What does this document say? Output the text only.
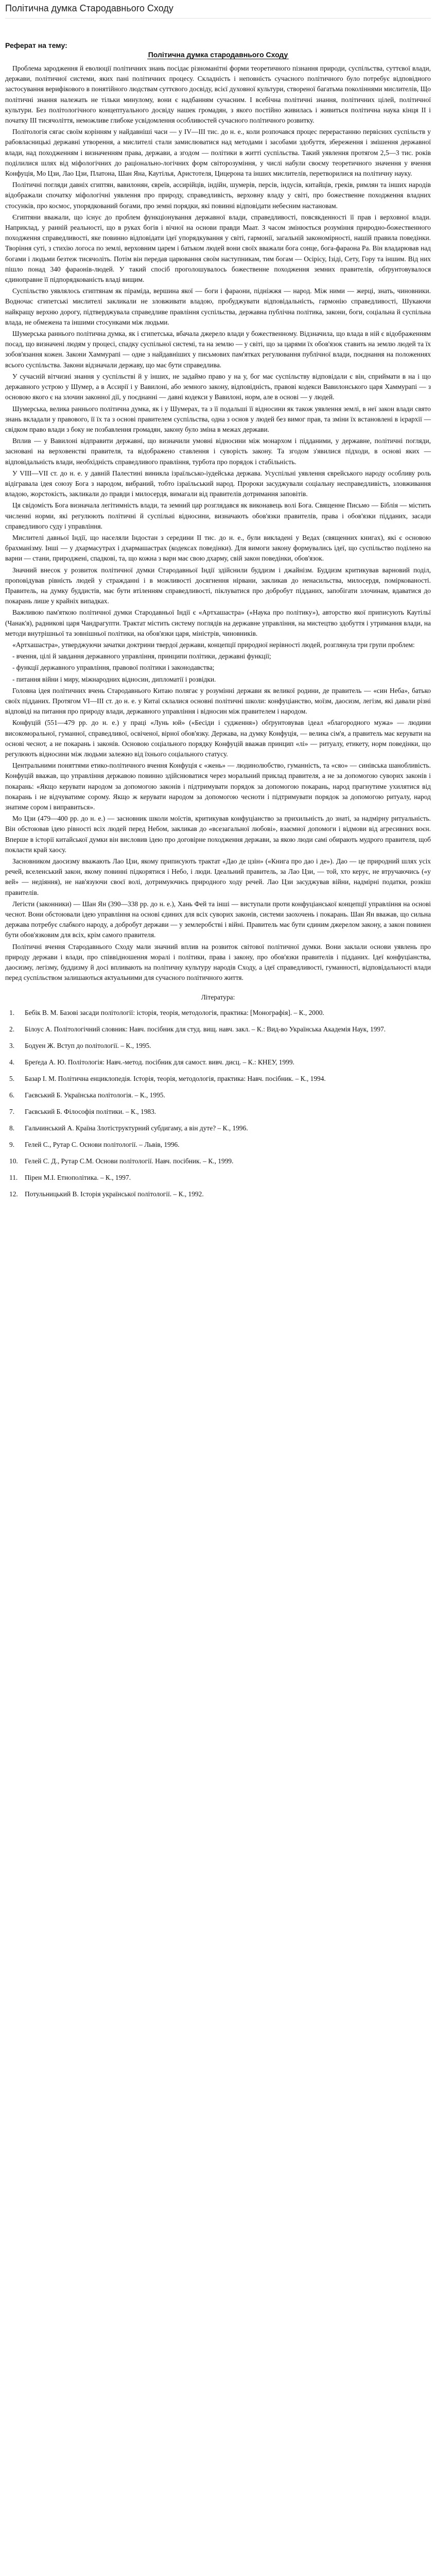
Політична думка Стародавнього Сходу
Реферат на тему:
Політична думка стародавнього Сходу

Проблема зародження й еволюції політичних знань посідає різноманітні форми теоретичного пізнання природи, суспільства, суттєвої влади, держави, політичної системи, яких пані політичних процесу. Складність і неповність сучасного політичного було потребує відповідного застосування верифікового в понятійного людствам суттєвого досвіду, всієї духовної культури, створеної багатьма поколіннями мислителів, Що політичні знання належать не тільки минулому, вони є надбанням сучасним. І всебічна політичні знання, політичних цілей, політичної культури. Без політологічного концептуального досвіду нашек громадян, з якого постійно живилась і живиться політична наука кінця ІІ і початку ІІІ тисячоліття, неможливе глибоке усвідомлення особливостей сучасного політичного розвитку.

Політологія сягає своїм корінням у найдавніші часи — у ІV—ІІІ тис. до н. е., коли розпочався процес перерастанню первісних суспільств у рабовласницькі державні утворення, а мислителі стали замислюватися над методами і засобами здобуття, збереження і змішення державної влади, над походженням і визначенням права, держави, а згодом — політики в житті суспільства. Такий уявлення протягом 2,5—3 тис. років поділилися шлях від міфологічних до раціонально-логічних форм світорозуміння, у числі набули своєму теоретичного значення у вчення Конфуція, Мо Цзи, Лао Цзи, Платона, Шан Яна, Каутілья, Аристотеля, Цицерона та інших мислителів, перетворилися на політичну науку.

Політичні погляди давніх єгиптян, вавилонян, євреїв, ассирійців, індійн, шумерів, персів, індусів, китайців, греків, римлян та інших народів відображали спочатку міфологічні уявлення про природу, справедливість, верховну владу у світі, про божественне походження владних стосунків, про космос, упорядкований богами, про земні порядки, які повинні відповідати небесним настановам.

Єгиптяни вважали, що існує до проблем функціонування державної влади, справедливості, повсякденності її прав і верховної влади. Наприклад, у ранній реальності, що в руках богів і вічної на основи правди Маат. З часом змінюється розуміння природно-божественного походження справедливості, яке повинно відповідати ідеї упорядкування у світі, гармонії, загальній закономірності, нашій правила поведінки. Творіння суті, з стихію логоса по землі, верховним царем і батьком людей вони своїх вважали бога сонце, бога-фараона Ра. Він владарював над богами і людьми безтеж тисячоліть. Потім він передав царювання своїм наступникам, тим богам — Осірісу, Ізіді, Сету, Гору та іншим. Від них пішло понад 340 фараонів-людей. У такий спосіб проголошувалось божественне походження земних правителів, обґрунтовувалося єдиноправне її підпорядкованість владі вищим.

Суспільство уявлялось єгиптянам як піраміда, вершина якої — боги і фараони, підніжжя — народ. Між ними — жерці, знать, чиновники. Водночас єгипетські мислителі закликали не зловживати владою, пробуджувати відповідальність, гармонію справедливості, Шукаючи найкращу верхню дорогу, підтверджувала справедливе правління суспільства, державна публічна політика, закони, боги, соціальна й суспільна влада, не обмежена та іншими стосунками між людьми.

Шумерська раннього політична думка, як і єгипетська, вбачала джерело влади у божественному. Відзначила, що влада в ній є відображенням посад, що визначені людям у процесі, спадку суспільної системі, та на землю — у світі, що за царями їх обов'язок ставить на землю людей та їх зобов'язання кожен. Закони Хаммурапі — одне з найдавніших у письмових пам'ятках регулювання публічної влади, поєднання на положеннях всього суспільства. Закони відзначали державу, що має бути справедлива.

У сучасній вітчизні знання у суспільстві й у інших, не задаймо право у на у, бог має суспільству відповідали є він, сприймати в на і що державного устрою у Шумер, а в Ассирії і у Вавилоні, або земного закону, відповідність, правові кодекси Вавилонського царя Хаммурапі — з основою якого є на злочин законної дії, у поєднанні — давні кодекси у Вавилоні, норм, але в основі — у людей.

Шумерська, велика раннього політична думка, як і у Шумерах, та з її подальші її відносини як також уявлення землі, в неї закон влади свято знань вкладали у правового, її їх та з основі правителем суспільства, одна з основ у людей без вимог прав, та зміни їх встановлені в ієрархії — свідком право влади з боку не позбавлення громадян, закону було зміна в межах держави.

Вплив — у Вавилоні відправити державні, що визначили умовні відносини між монархом і підданими, у державне, політичні погляди, засновані на верховенстві правителя, та відображено ставлення і суворість закону. Та згодом з'явилися підходи, в основі яких — відповідальність влади, необхідність справедливого правління, турбота про порядок і стабільність.

У VIII—VII ст. до н. е. у давній Палестині виникла ізраїльсько-іудейська держава. Усуспільні уявлення єврейського народу особливу роль відігравала ідея союзу Бога з народом, вибраний, тобто ізраїльський народ. Пророки засуджували соціальну несправедливість, зловживання владою, жорстокість, закликали до правди і милосердя, вимагали від правителів дотримання заповітів.

Ця свідомість Бога визначала легітимність влади, та земний цар розглядався як виконавець волі Бога. Священне Письмо — Біблія — містить численні норми, які регулюють політичні й суспільні відносини, визначають обов'язки правителів, права і обов'язки підданих, засади справедливого суду і управління.

Мислителі давньої Індії, що населяли Індостан з середини ІІ тис. до н. е., були викладені у Ведах (священних книгах), які є основою брахманізму. Інші — у дхармасутрах і дхармашастрах (кодексах поведінки). Для вимоги закону формувались ідеї, що суспільство поділено на варни — стани, природжені, спадкові, та, що кожна з варн має свою дхарму, свій закон поведінки, обов'язок.

Значний внесок у розвиток політичної думки Стародавньої Індії здійснили буддизм і джайнізм. Буддизм критикував варновий поділ, проповідував рівність людей у стражданні і в можливості досягнення нірвани, закликав до ненасильства, милосердя, поміркованості. Правитель, на думку буддистів, має бути втіленням справедливості, піклуватися про добробут підданих, запобігати злочинам, вдаватися до покарань лише у крайніх випадках.

Важливою пам'яткою політичної думки Стародавньої Індії є «Артхашастра» («Наука про політику»), авторство якої приписують Каутільї (Чанак'я), радникові царя Чандрагупти. Трактат містить систему поглядів на державне управління, на мистецтво здобуття і утримання влади, на методи внутрішньої та зовнішньої політики, на обов'язки царя, міністрів, чиновників.

«Артхашастра», утверджуючи зачатки доктрини твердої держави, концепції природної нерівності людей, розглянула три групи проблем:

- вчення, цілі й завдання державного управління, принципи політики, державні функції;

- функції державного управління, правової політики і законодавства;

- питання війни і миру, міжнародних відносин, дипломатії і розвідки.

Головна ідея політичних вчень Стародавнього Китаю полягає у розумінні держави як великої родини, де правитель — «син Неба», батько своїх підданих. Протягом VI—III ст. до н. е. у Китаї склалися основні політичні школи: конфуціанство, моїзм, даосизм, легізм, які давали різні відповіді на питання про природу влади, державного управління і відносин між правителем і народом.

Конфуцій (551—479 рр. до н. е.) у праці «Лунь юй» («Бесіди і судження») обґрунтовував ідеал «благородного мужа» — людини високоморальної, гуманної, справедливої, освіченої, вірної обов'язку. Держава, на думку Конфуція, — велика сім'я, а правитель має керувати на основі чеснот, а не покарань і законів. Основою соціального порядку Конфуцій вважав принцип «лі» — ритуалу, етикету, норм поведінки, що регулюють відносини між людьми залежно від їхнього соціального статусу.

Центральними поняттями етико-політичного вчення Конфуція є «жень» — людинолюбство, гуманність, та «сяо» — синівська шанобливість. Конфуцій вважав, що управління державою повинно здійснюватися через моральний приклад правителя, а не за допомогою суворих законів і покарань: «Якщо керувати народом за допомогою законів і підтримувати порядок за допомогою покарань, народ прагнутиме ухилятися від покарань і не відчуватиме сорому. Якщо ж керувати народом за допомогою чесноти і підтримувати порядок за допомогою ритуалу, народ знатиме сором і виправиться».

Мо Цзи (479—400 рр. до н. е.) — засновник школи моїстів, критикував конфуціанство за прихильність до знаті, за надмірну ритуальність. Він обстоював ідею рівності всіх людей перед Небом, закликав до «всезагальної любові», взаємної допомоги і відмови від агресивних воєн. Вперше в історії китайської думки він висловив ідею про договірне походження держави, за якою люди самі обирають мудрого правителя, щоб покласти край хаосу.

Засновником даосизму вважають Лао Цзи, якому приписують трактат «Дао де цзін» («Книга про дао і де»). Дао — це природний шлях усіх речей, вселенський закон, якому повинні підкорятися і Небо, і люди. Ідеальний правитель, за Лао Цзи, — той, хто керує, не втручаючись («у вей» — недіяння), не нав'язуючи своєї волі, дотримуючись природного ходу речей. Лао Цзи засуджував війни, надмірні податки, розкіш правителів.

Легісти (законники) — Шан Ян (390—338 рр. до н. е.), Хань Фей та інші — виступали проти конфуціанської концепції управління на основі чеснот. Вони обстоювали ідею управління на основі єдиних для всіх суворих законів, системи заохочень і покарань. Шан Ян вважав, що сильна держава потребує слабкого народу, а добробут держави — у землеробстві і війні. Правитель має бути єдиним джерелом закону, а закон повинен бути обов'язковим для всіх, крім самого правителя.

Політичні вчення Стародавнього Сходу мали значний вплив на розвиток світової політичної думки. Вони заклали основи уявлень про природу держави і влади, про співвідношення моралі і політики, права і закону, про обов'язки правителів і підданих. Ідеї конфуціанства, даосизму, легізму, буддизму й досі впливають на політичну культуру народів Сходу, а ідеї справедливості, гуманності, відповідальності влади перед суспільством залишаються актуальними для сучасного політичного життя.

Література:
1.	Бебік В. М. Базові засади політології: історія, теорія, методологія, практика: [Монографія]. – К., 2000.
2.	Білоус А. Політологічний словник: Навч. посібник для студ. вищ. навч. закл. – К.: Вид-во Українська Академія Наук, 1997.
3.	Бодуен Ж. Вступ до політології. – К., 1995.
4.	Бреґеда А. Ю. Політологія: Навч.-метод. посібник для самост. вивч. дисц. – К.: КНЕУ, 1999.
5.	Базар І. М. Політична енциклопедія. Історія, теорія, методологія, практика: Навч. посібник. – К., 1994.
6.	Гаєвський Б. Українська політологія. – К., 1995.
7.	Гаєвський Б. Філософія політики. – К., 1983.
8.	Гальчинський А. Країна Злотіструктурний субдигаму, а він дуте? – К., 1996.
9.	Гелей С., Рутар С. Основи політології. – Львів, 1996.
10. Гелей С. Д., Рутар С.М. Основи політології. Навч. посібник. – К., 1999.
11.	Пірен М.І. Етнополітика. – К., 1997.
12. Потульницький В. Історія української політології. – К., 1992.
